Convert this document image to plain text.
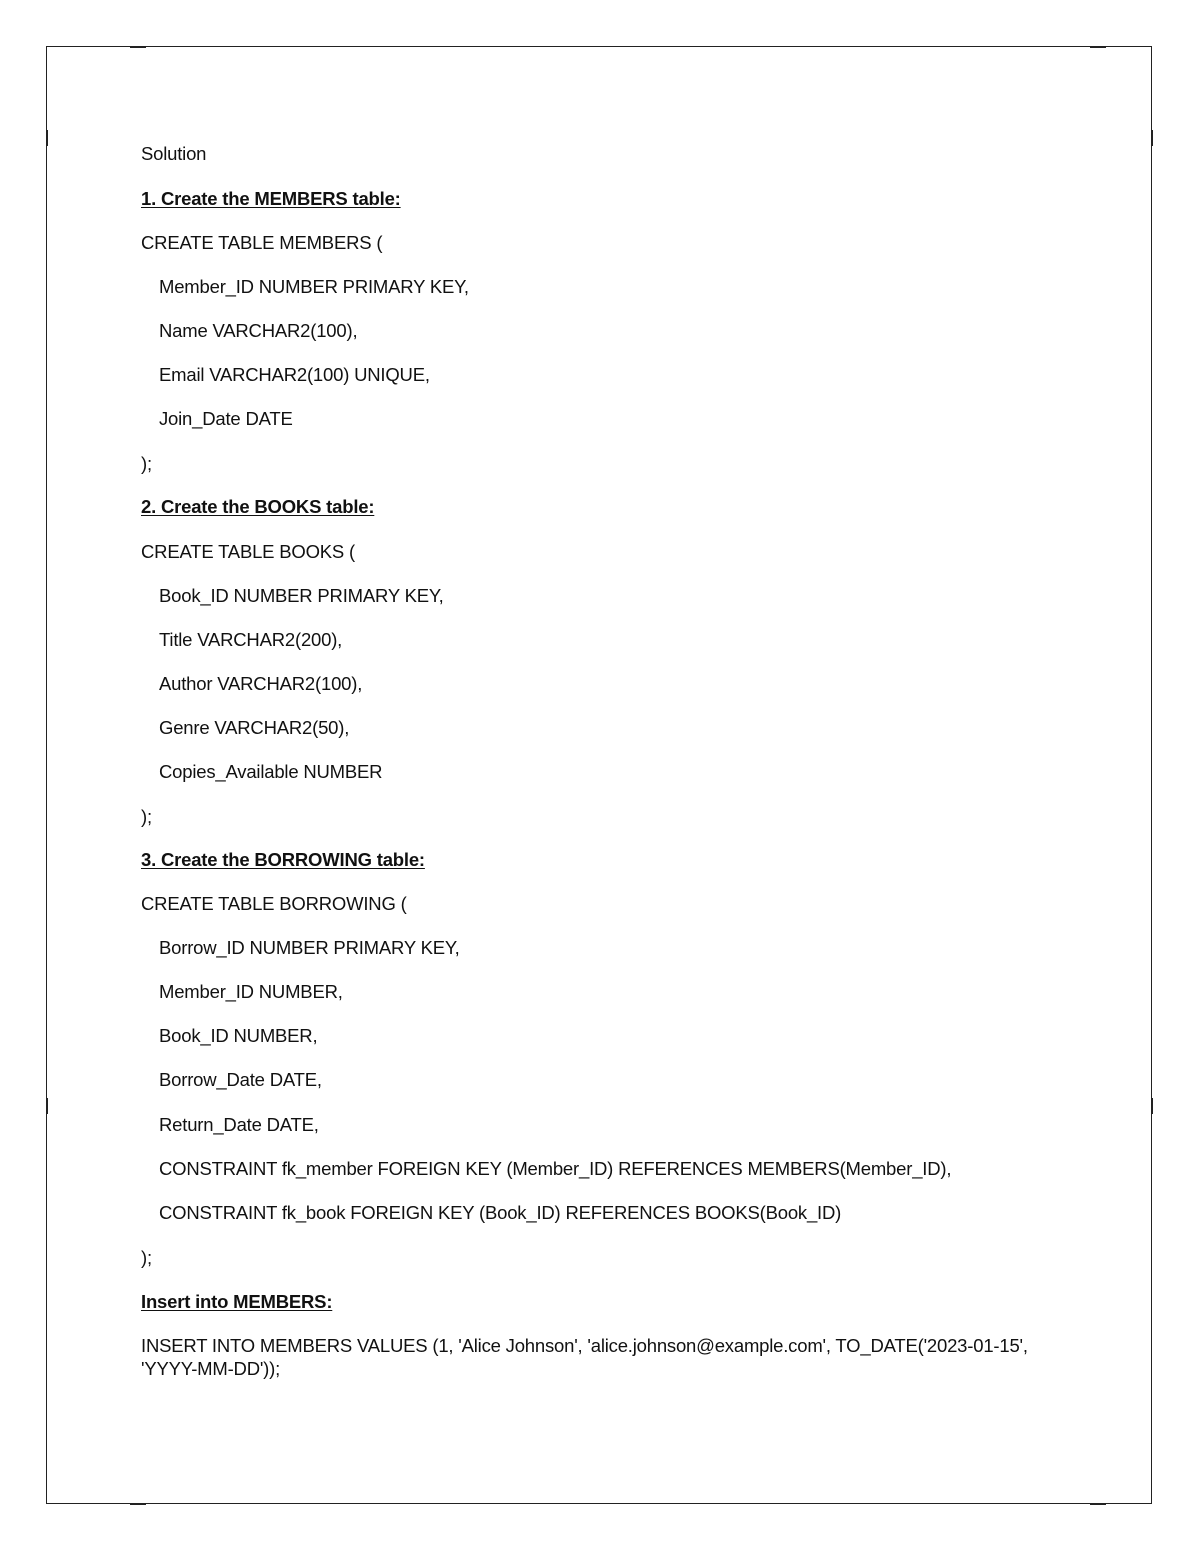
Solution
1. Create the MEMBERS table:
CREATE TABLE MEMBERS (
Member_ID NUMBER PRIMARY KEY,
Name VARCHAR2(100),
Email VARCHAR2(100) UNIQUE,
Join_Date DATE
);
2. Create the BOOKS table:
CREATE TABLE BOOKS (
Book_ID NUMBER PRIMARY KEY,
Title VARCHAR2(200),
Author VARCHAR2(100),
Genre VARCHAR2(50),
Copies_Available NUMBER
);
3. Create the BORROWING table:
CREATE TABLE BORROWING (
Borrow_ID NUMBER PRIMARY KEY,
Member_ID NUMBER,
Book_ID NUMBER,
Borrow_Date DATE,
Return_Date DATE,
CONSTRAINT fk_member FOREIGN KEY (Member_ID) REFERENCES MEMBERS(Member_ID),
CONSTRAINT fk_book FOREIGN KEY (Book_ID) REFERENCES BOOKS(Book_ID)
);
Insert into MEMBERS:
INSERT INTO MEMBERS VALUES (1, 'Alice Johnson', 'alice.johnson@example.com', TO_DATE('2023-01-15', 'YYYY-MM-DD'));
